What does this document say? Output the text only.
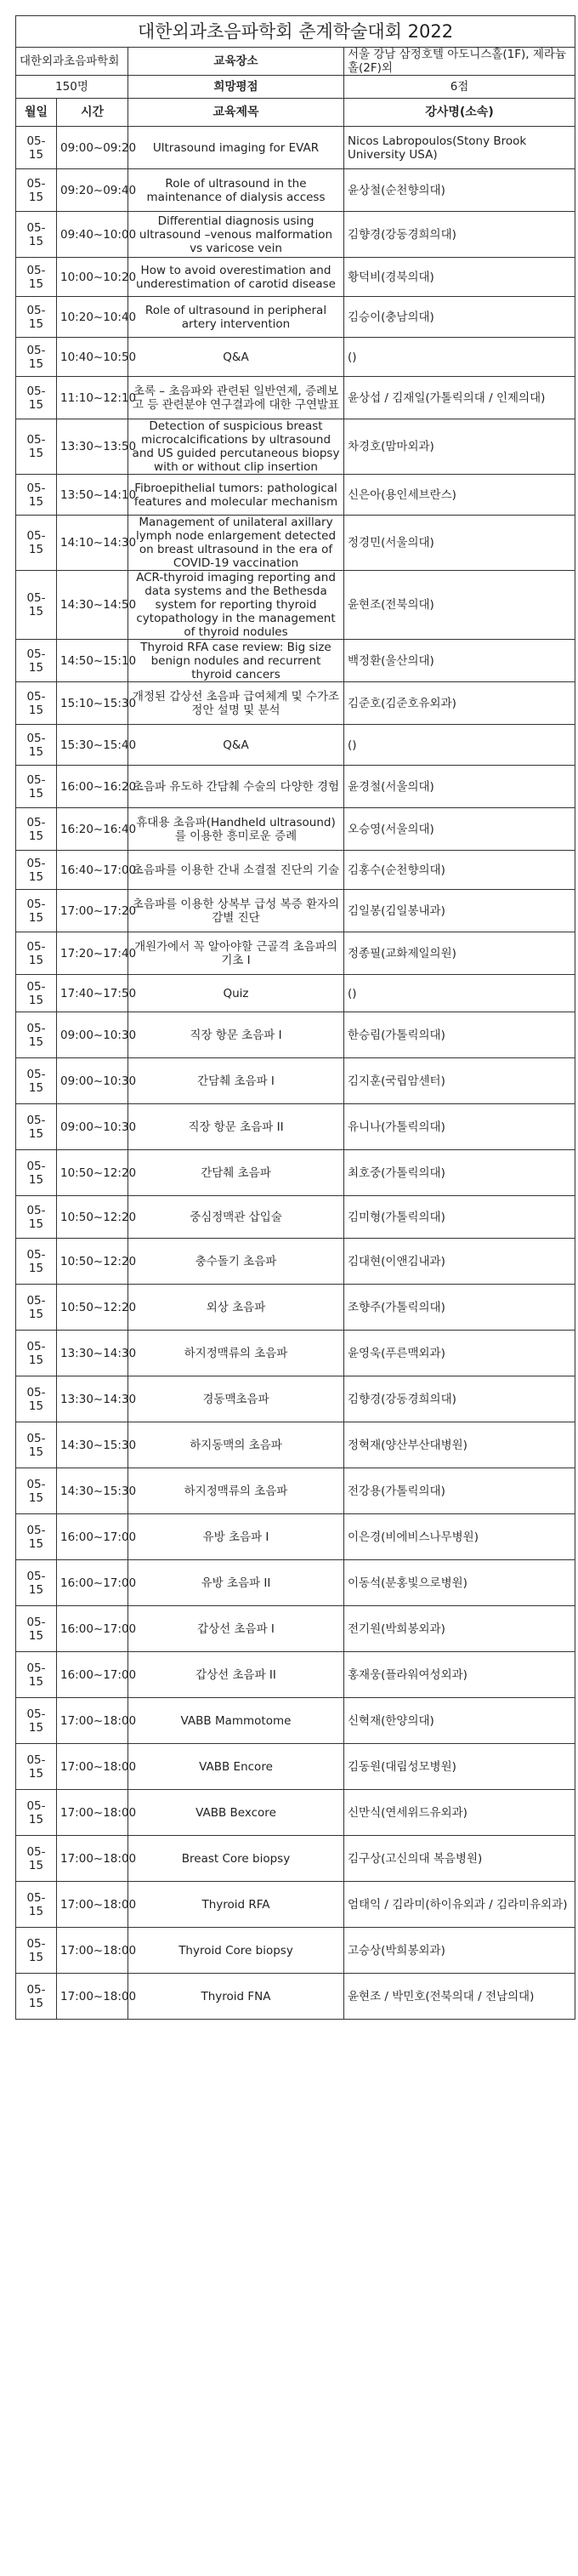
대한외과초음파학회 춘계학술대회 2022			
대한외과초음파학회		교육장소	서울 강남 삼정호텔 아도니스홀(1F), 제라늄홀(2F)외
150명		희망평점	6점
월일	시간	교육제목	강사명(소속)
05-15	09:00~09:20	Ultrasound imaging for EVAR	Nicos Labropoulos(Stony Brook University USA)
05-15	09:20~09:40	Role of ultrasound in the maintenance of dialysis access	윤상철(순천향의대)
05-15	09:40~10:00	Differential diagnosis using ultrasound –venous malformation vs varicose vein	김향경(강동경희의대)
05-15	10:00~10:20	How to avoid overestimation and underestimation of carotid disease	황덕비(경북의대)
05-15	10:20~10:40	Role of ultrasound in peripheral artery intervention	김승이(충남의대)
05-15	10:40~10:50	Q&A	()
05-15	11:10~12:10	초록 – 초음파와 관련된 일반연제, 증례보고 등 관련분야 연구결과에 대한 구연발표	윤상섭 / 김재일(가톨릭의대 / 인제의대)
05-15	13:30~13:50	Detection of suspicious breast microcalcifications by ultrasound and US guided percutaneous biopsy with or without clip insertion	차경호(맘마외과)
05-15	13:50~14:10	Fibroepithelial tumors: pathological features and molecular mechanism	신은아(용인세브란스)
05-15	14:10~14:30	Management of unilateral axillary lymph node enlargement detected on breast ultrasound in the era of COVID-19 vaccination	정경민(서울의대)
05-15	14:30~14:50	ACR-thyroid imaging reporting and data systems and the Bethesda system for reporting thyroid cytopathology in the management of thyroid nodules	윤현조(전북의대)
05-15	14:50~15:10	Thyroid RFA case review: Big size benign nodules and recurrent thyroid cancers	백정환(울산의대)
05-15	15:10~15:30	개정된 갑상선 초음파 급여체계 및 수가조정안 설명 및 분석	김준호(김준호유외과)
05-15	15:30~15:40	Q&A	()
05-15	16:00~16:20	초음파 유도하 간담췌 수술의 다양한 경험	윤경철(서울의대)
05-15	16:20~16:40	휴대용 초음파(Handheld ultrasound)를 이용한 흥미로운 증례	오승영(서울의대)
05-15	16:40~17:00	초음파를 이용한 간내 소결절 진단의 기술	김홍수(순천향의대)
05-15	17:00~17:20	초음파를 이용한 상복부 급성 복증 환자의 감별 진단	김일봉(김일봉내과)
05-15	17:20~17:40	개원가에서 꼭 알아야할 근골격 초음파의 기초 I	정종필(교화제일의원)
05-15	17:40~17:50	Quiz	()
05-15	09:00~10:30	직장 항문 초음파 I	한승림(가톨릭의대)
05-15	09:00~10:30	간담췌 초음파 I	김지훈(국립암센터)
05-15	09:00~10:30	직장 항문 초음파 II	유니나(가톨릭의대)
05-15	10:50~12:20	간담췌 초음파	최호중(가톨릭의대)
05-15	10:50~12:20	중심정맥관 삽입술	김미형(가톨릭의대)
05-15	10:50~12:20	충수돌기 초음파	김대현(이앤김내과)
05-15	10:50~12:20	외상 초음파	조향주(가톨릭의대)
05-15	13:30~14:30	하지정맥류의 초음파	윤영욱(푸른맥외과)
05-15	13:30~14:30	경동맥초음파	김향경(강동경희의대)
05-15	14:30~15:30	하지동맥의 초음파	정혁재(양산부산대병원)
05-15	14:30~15:30	하지정맥류의 초음파	전강용(가톨릭의대)
05-15	16:00~17:00	유방 초음파 I	이은경(비에비스나무병원)
05-15	16:00~17:00	유방 초음파 II	이동석(분홍빛으로병원)
05-15	16:00~17:00	갑상선 초음파 I	전기원(박희봉외과)
05-15	16:00~17:00	갑상선 초음파 II	홍재웅(플라워여성외과)
05-15	17:00~18:00	VABB Mammotome	신혁재(한양의대)
05-15	17:00~18:00	VABB Encore	김동원(대림성모병원)
05-15	17:00~18:00	VABB Bexcore	신만식(연세위드유외과)
05-15	17:00~18:00	Breast Core biopsy	김구상(고신의대 복음병원)
05-15	17:00~18:00	Thyroid RFA	엄태익 / 김라미(하이유외과 / 김라미유외과)
05-15	17:00~18:00	Thyroid Core biopsy	고승상(박희봉외과)
05-15	17:00~18:00	Thyroid FNA	윤현조 / 박민호(전북의대 / 전남의대)
